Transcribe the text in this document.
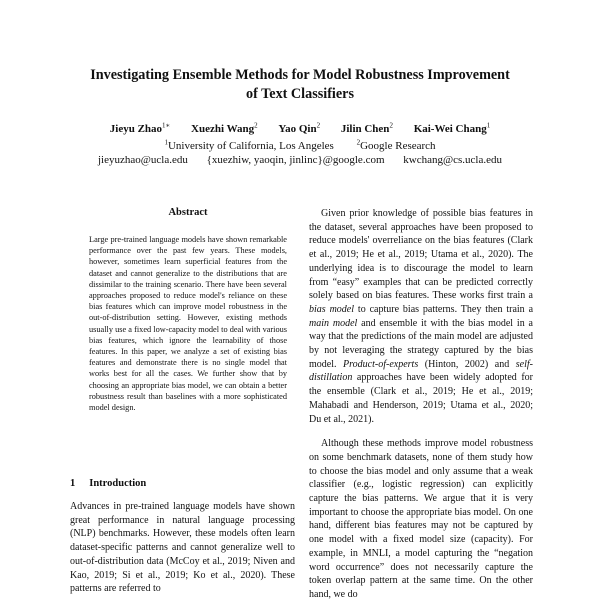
Investigating Ensemble Methods for Model Robustness Improvement
of Text Classifiers
Jieyu Zhao$^{1∗}$ Xuezhi Wang$^2$ Yao Qin$^2$ Jilin Chen$^2$ Kai-Wei Chang$^1$
$^1$University of California, Los Angeles	$^2$Google Research
jieyuzhao@ucla.edu {xuezhiw, yaoqin, jinlinc}@google.com kwchang@cs.ucla.edu
Abstract

Large pre-trained language models have shown remarkable performance over the past few years. These models, however, sometimes learn superficial features from the dataset and cannot generalize to the distributions that are dissimilar to the training scenario. There have been several approaches proposed to reduce model's reliance on these bias features which can improve model robustness in the out-of-distribution setting. However, existing methods usually use a fixed low-capacity model to deal with various bias features, which ignore the learnability of those features. In this paper, we analyze a set of existing bias features and demonstrate there is no single model that works best for all the cases. We further show that by choosing an appropriate bias model, we can obtain a better robustness result than baselines with a more sophisticated model design.

1 Introduction

Advances in pre-trained language models have shown great performance in natural language processing (NLP) benchmarks. However, these models often learn dataset-specific patterns and cannot generalize well to out-of-distribution data (McCoy et al., 2019; Niven and Kao, 2019; Si et al., 2019; Ko et al., 2020). These patterns are referred to

Given prior knowledge of possible bias features in the dataset, several approaches have been proposed to reduce models' overreliance on the bias features (Clark et al., 2019; He et al., 2019; Utama et al., 2020). The underlying idea is to discourage the model to learn from “easy” examples that can be predicted correctly solely based on bias features. These works first train a bias model to capture bias patterns. They then train a main model and ensemble it with the bias model in a way that the predictions of the main model are adjusted by not leveraging the strategy captured by the bias model. Product-of-experts (Hinton, 2002) and self-distillation approaches have been widely adopted for the ensemble (Clark et al., 2019; He et al., 2019; Mahabadi and Henderson, 2019; Utama et al., 2020; Du et al., 2021).

Although these methods improve model robustness on some benchmark datasets, none of them study how to choose the bias model and only assume that a weak classifier (e.g., logistic regression) can explicitly capture the bias patterns. We argue that it is very important to choose the appropriate bias model. On one hand, different bias features may not be captured by one model with a fixed model size (capacity). For example, in MNLI, a model capturing the “negation word occurrence” does not necessarily capture the token overlap pattern at the same time. On the other hand, we do
